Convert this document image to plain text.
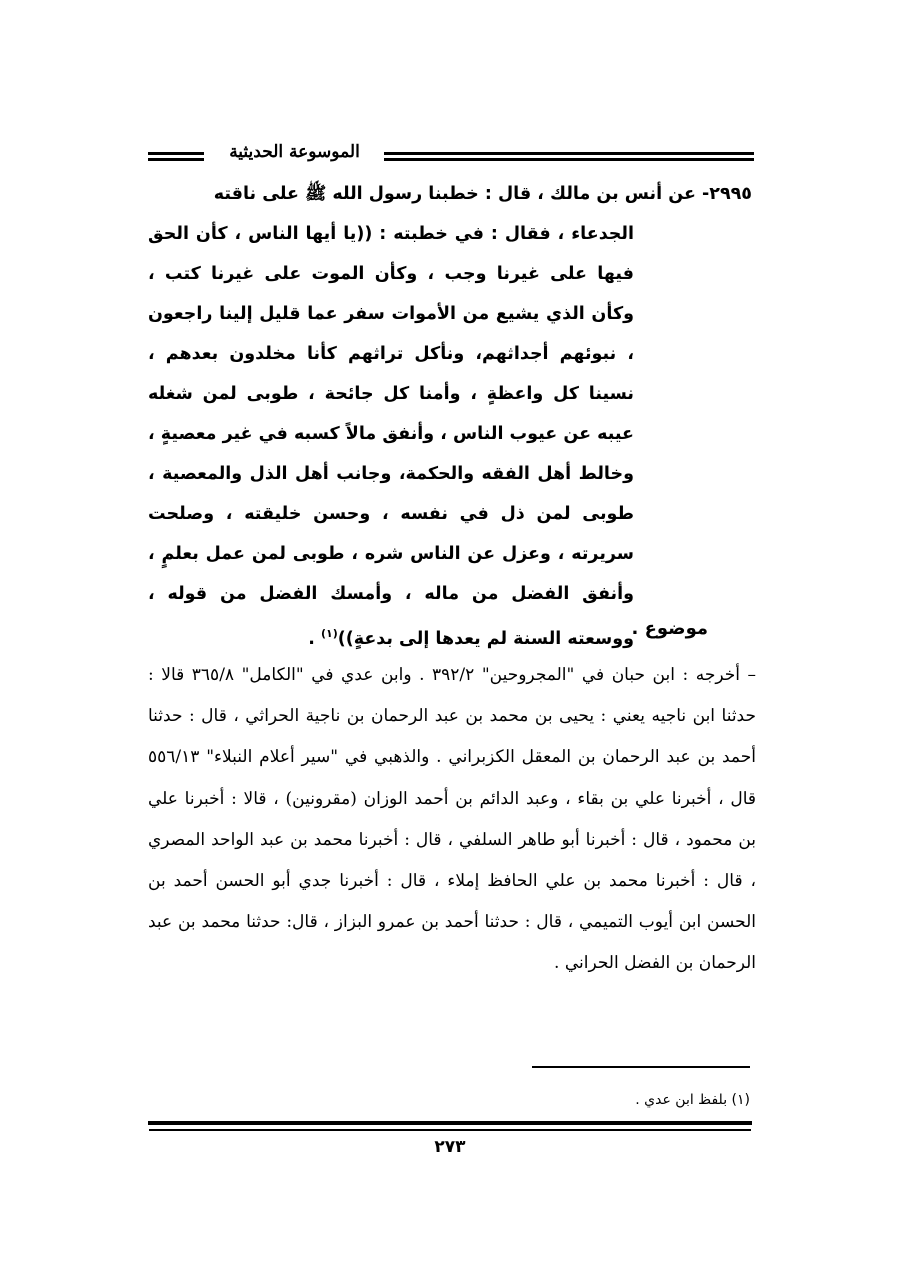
الموسوعة الحديثية
٢٩٩٥- عن أنس بن مالك ، قال : خطبنا رسول الله ﷺ على ناقته
الجدعاء ، فقال : في خطبته : ((يا أيها الناس ، كأن الحق فيها على غيرنا وجب ، وكأن الموت على غيرنا كتب ، وكأن الذي يشيع من الأموات سفر عما قليل إلينا راجعون ، نبوئهم أجداثهم، ونأكل تراثهم كأنا مخلدون بعدهم ، نسينا كل واعظةٍ ، وأمنا كل جائحة ، طوبى لمن شغله عيبه عن عيوب الناس ، وأنفق مالاً كسبه في غير معصيةٍ ، وخالط أهل الفقه والحكمة، وجانب أهل الذل والمعصية ، طوبى لمن ذل في نفسه ، وحسن خليقته ، وصلحت سريرته ، وعزل عن الناس شره ، طوبى لمن عمل بعلمٍ ، وأنفق الفضل من ماله ، وأمسك الفضل من قوله ، ووسعته السنة لم يعدها إلى بدعةٍ))$^{(١)}$ .	موضوع .
– أخرجه : ابن حبان في "المجروحين" ٣٩٢/٢ . وابن عدي في "الكامل" ٣٦٥/٨ قالا : حدثنا ابن ناجيه يعني : يحيى بن محمد بن عبد الرحمان بن ناجية الحراثي ، قال : حدثنا أحمد بن عبد الرحمان بن المعقل الكزبراني . والذهبي في "سير أعلام النبلاء" ٥٥٦/١٣ قال ، أخبرنا علي بن بقاء ، وعبد الدائم بن أحمد الوزان (مقرونين) ، قالا : أخبرنا علي بن محمود ، قال : أخبرنا أبو طاهر السلفي ، قال : أخبرنا محمد بن عبد الواحد المصري ، قال : أخبرنا محمد بن علي الحافظ إملاء ، قال : أخبرنا جدي أبو الحسن أحمد بن الحسن ابن أيوب التميمي ، قال : حدثنا أحمد بن عمرو البزاز ، قال: حدثنا محمد بن عبد الرحمان بن الفضل الحراني .
(١) بلفظ ابن عدي .
٢٧٣
